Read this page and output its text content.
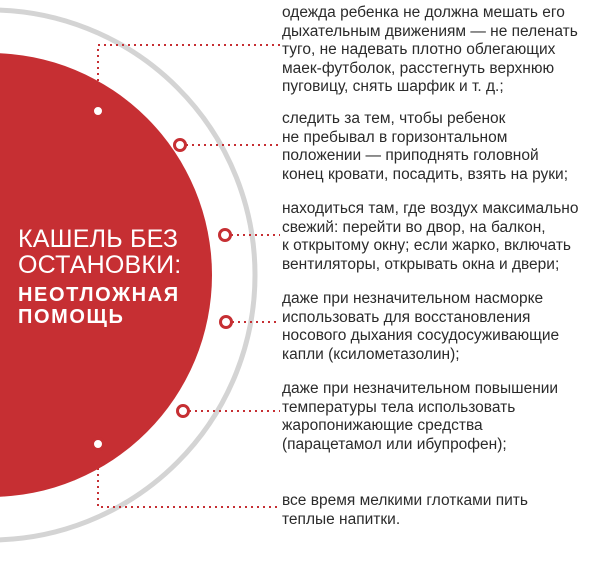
КАШЕЛЬ БЕЗ
ОСТАНОВКИ:
НЕОТЛОЖНАЯ
ПОМОЩЬ
одежда ребенка не должна мешать его
дыхательным движениям — не пеленать
туго, не надевать плотно облегающих
маек-футболок, расстегнуть верхнюю
пуговицу, снять шарфик и т. д.;
следить за тем, чтобы ребенок
не пребывал в горизонтальном
положении — приподнять головной
конец кровати, посадить, взять на руки;
находиться там, где воздух максимально
свежий: перейти во двор, на балкон,
к открытому окну; если жарко, включать
вентиляторы, открывать окна и двери;
даже при незначительном насморке
использовать для восстановления
носового дыхания сосудосуживающие
капли (ксилометазолин);
даже при незначительном повышении
температуры тела использовать
жаропонижающие средства
(парацетамол или ибупрофен);
все время мелкими глотками пить
теплые напитки.
